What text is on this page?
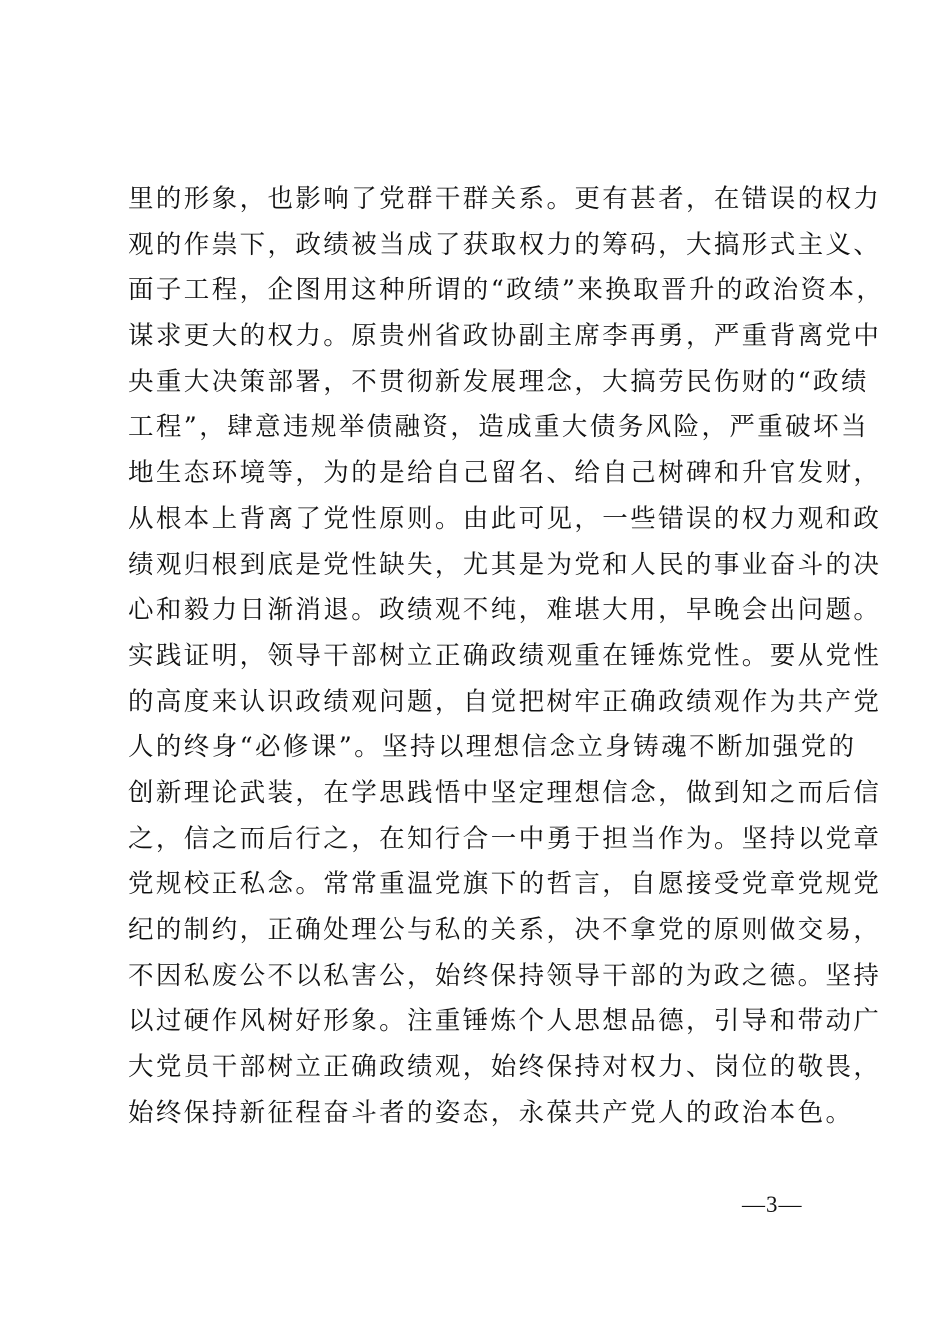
里的形象，也影响了党群干群关系。更有甚者，在错误的权力
观的作祟下，政绩被当成了获取权力的筹码，大搞形式主义、
面子工程，企图用这种所谓的“政绩”来换取晋升的政治资本，
谋求更大的权力。原贵州省政协副主席李再勇，严重背离党中
央重大决策部署，不贯彻新发展理念，大搞劳民伤财的“政绩
工程”，肆意违规举债融资，造成重大债务风险，严重破坏当
地生态环境等，为的是给自己留名、给自己树碑和升官发财，
从根本上背离了党性原则。由此可见，一些错误的权力观和政
绩观归根到底是党性缺失，尤其是为党和人民的事业奋斗的决
心和毅力日渐消退。政绩观不纯，难堪大用，早晚会出问题。
实践证明，领导干部树立正确政绩观重在锤炼党性。要从党性
的高度来认识政绩观问题，自觉把树牢正确政绩观作为共产党
人的终身“必修课”。坚持以理想信念立身铸魂不断加强党的
创新理论武装，在学思践悟中坚定理想信念，做到知之而后信
之，信之而后行之，在知行合一中勇于担当作为。坚持以党章
党规校正私念。常常重温党旗下的哲言，自愿接受党章党规党
纪的制约，正确处理公与私的关系，决不拿党的原则做交易，
不因私废公不以私害公，始终保持领导干部的为政之德。坚持
以过硬作风树好形象。注重锤炼个人思想品德，引导和带动广
大党员干部树立正确政绩观，始终保持对权力、岗位的敬畏，
始终保持新征程奋斗者的姿态，永葆共产党人的政治本色。
—3—
